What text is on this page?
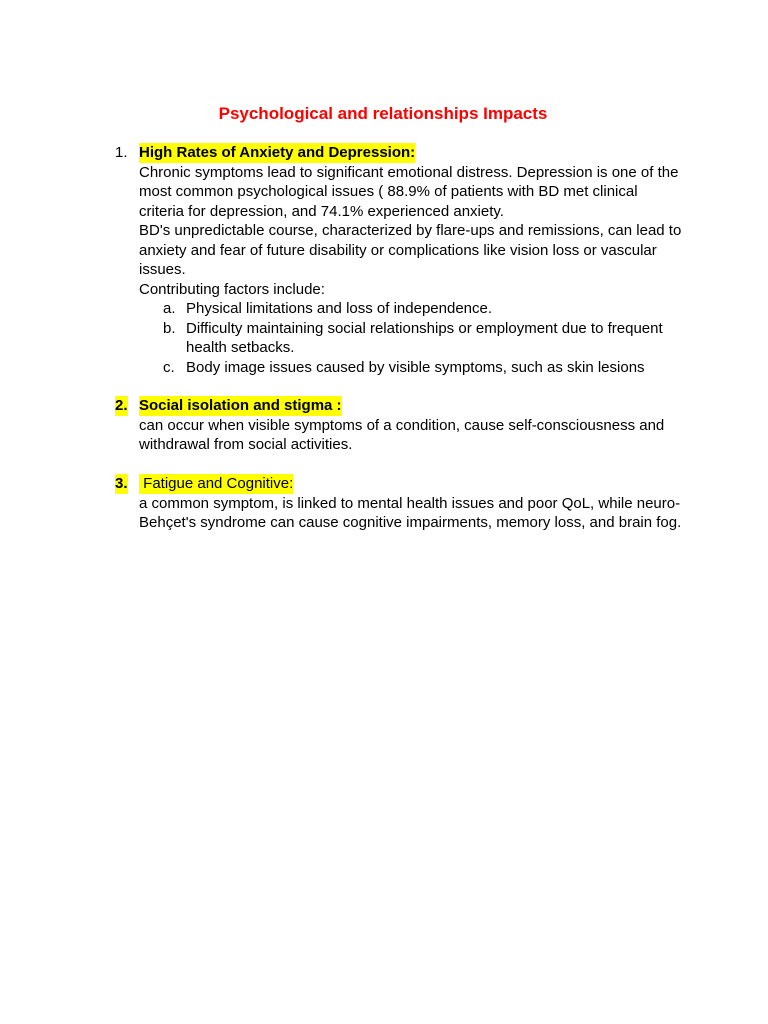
Psychological and relationships Impacts
1. High Rates of Anxiety and Depression:
Chronic symptoms lead to significant emotional distress. Depression is one of the most common psychological issues ( 88.9% of patients with BD met clinical criteria for depression, and 74.1% experienced anxiety.
BD's unpredictable course, characterized by flare-ups and remissions, can lead to anxiety and fear of future disability or complications like vision loss or vascular issues.
Contributing factors include:
a. Physical limitations and loss of independence.
b. Difficulty maintaining social relationships or employment due to frequent health setbacks.
c. Body image issues caused by visible symptoms, such as skin lesions
2. Social isolation and stigma :
can occur when visible symptoms of a condition, cause self-consciousness and withdrawal from social activities.
3. Fatigue and Cognitive:
a common symptom, is linked to mental health issues and poor QoL, while neuro-Behçet's syndrome can cause cognitive impairments, memory loss, and brain fog.
